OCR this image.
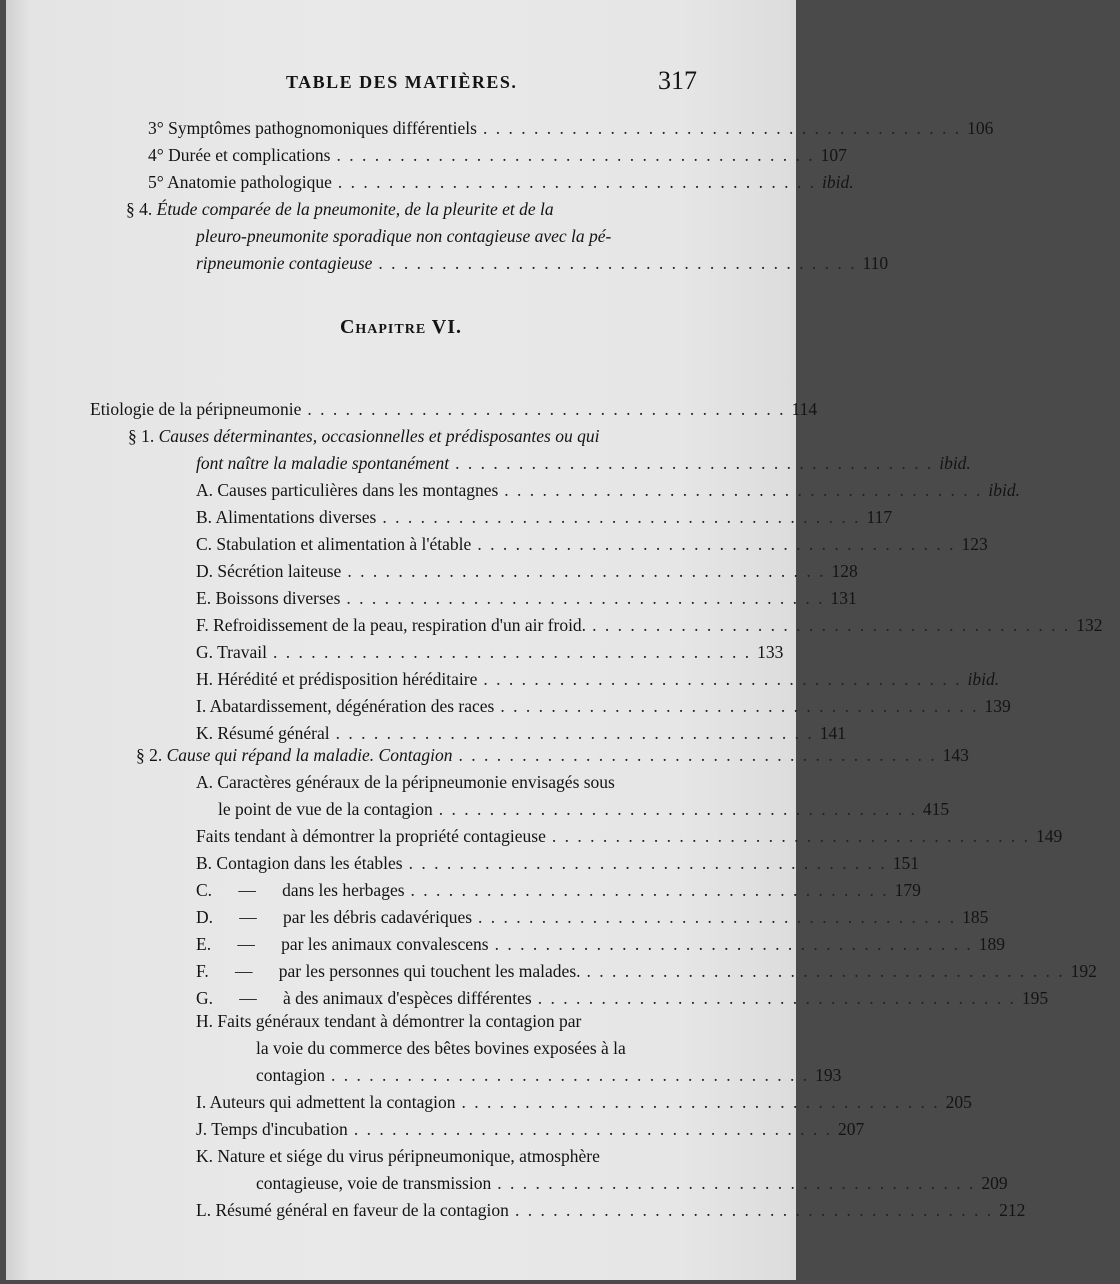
TABLE DES MATIÈRES.	317
3° Symptômes pathognomoniques différentiels . . . . . . . . . . . . . . . . . . . . . . . . . . . . . . . . . . . . . . 106
4° Durée et complications . . . . . . . . . . . . . . . . . . . . . . . . . . . . . . . . . . . . . . 107
5° Anatomie pathologique . . . . . . . . . . . . . . . . . . . . . . . . . . . . . . . . . . . . . . ibid.
§ 4. Étude comparée de la pneumonite, de la pleurite et de la
pleuro-pneumonite sporadique non contagieuse avec la pé-
ripneumonie contagieuse . . . . . . . . . . . . . . . . . . . . . . . . . . . . . . . . . . . . . . 110
Chapitre VI.
Etiologie de la péripneumonie . . . . . . . . . . . . . . . . . . . . . . . . . . . . . . . . . . . . . . 114
§ 1. Causes déterminantes, occasionnelles et prédisposantes ou qui
font naître la maladie spontanément . . . . . . . . . . . . . . . . . . . . . . . . . . . . . . . . . . . . . . ibid.
A. Causes particulières dans les montagnes . . . . . . . . . . . . . . . . . . . . . . . . . . . . . . . . . . . . . . ibid.
B. Alimentations diverses . . . . . . . . . . . . . . . . . . . . . . . . . . . . . . . . . . . . . . 117
C. Stabulation et alimentation à l'étable . . . . . . . . . . . . . . . . . . . . . . . . . . . . . . . . . . . . . . 123
D. Sécrétion laiteuse . . . . . . . . . . . . . . . . . . . . . . . . . . . . . . . . . . . . . . 128
E. Boissons diverses . . . . . . . . . . . . . . . . . . . . . . . . . . . . . . . . . . . . . . 131
F. Refroidissement de la peau, respiration d'un air froid. . . . . . . . . . . . . . . . . . . . . . . . . . . . . . . . . . . . . . . 132
G. Travail . . . . . . . . . . . . . . . . . . . . . . . . . . . . . . . . . . . . . . 133
H. Hérédité et prédisposition héréditaire . . . . . . . . . . . . . . . . . . . . . . . . . . . . . . . . . . . . . . ibid.
I. Abatardissement, dégénération des races . . . . . . . . . . . . . . . . . . . . . . . . . . . . . . . . . . . . . . 139
K. Résumé général . . . . . . . . . . . . . . . . . . . . . . . . . . . . . . . . . . . . . . 141
§ 2. Cause qui répand la maladie. Contagion . . . . . . . . . . . . . . . . . . . . . . . . . . . . . . . . . . . . . . 143
A. Caractères généraux de la péripneumonie envisagés sous
le point de vue de la contagion . . . . . . . . . . . . . . . . . . . . . . . . . . . . . . . . . . . . . . 415
Faits tendant à démontrer la propriété contagieuse . . . . . . . . . . . . . . . . . . . . . . . . . . . . . . . . . . . . . . 149
B. Contagion dans les étables . . . . . . . . . . . . . . . . . . . . . . . . . . . . . . . . . . . . . . 151
C. — dans les herbages . . . . . . . . . . . . . . . . . . . . . . . . . . . . . . . . . . . . . . 179
D. — par les débris cadavériques . . . . . . . . . . . . . . . . . . . . . . . . . . . . . . . . . . . . . . 185
E. — par les animaux convalescens . . . . . . . . . . . . . . . . . . . . . . . . . . . . . . . . . . . . . . 189
F. — par les personnes qui touchent les malades. . . . . . . . . . . . . . . . . . . . . . . . . . . . . . . . . . . . . . . 192
G. — à des animaux d'espèces différentes . . . . . . . . . . . . . . . . . . . . . . . . . . . . . . . . . . . . . . 195
H. Faits généraux tendant à démontrer la contagion par
la voie du commerce des bêtes bovines exposées à la
contagion . . . . . . . . . . . . . . . . . . . . . . . . . . . . . . . . . . . . . . 193
I. Auteurs qui admettent la contagion . . . . . . . . . . . . . . . . . . . . . . . . . . . . . . . . . . . . . . 205
J. Temps d'incubation . . . . . . . . . . . . . . . . . . . . . . . . . . . . . . . . . . . . . . 207
K. Nature et siége du virus péripneumonique, atmosphère
contagieuse, voie de transmission . . . . . . . . . . . . . . . . . . . . . . . . . . . . . . . . . . . . . . 209
L. Résumé général en faveur de la contagion . . . . . . . . . . . . . . . . . . . . . . . . . . . . . . . . . . . . . . 212
